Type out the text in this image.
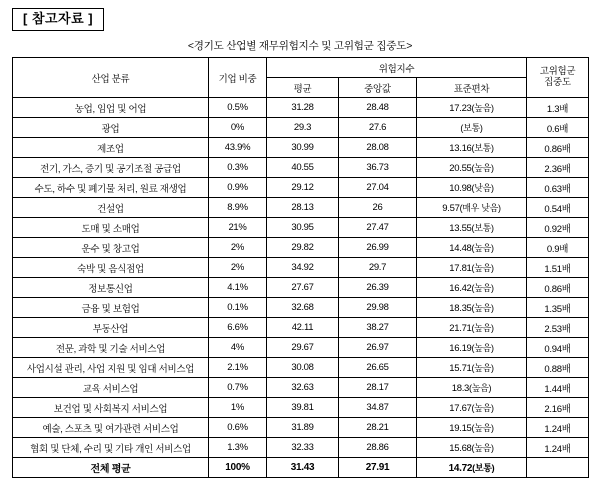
[ 참고자료 ]
<경기도 산업별 재무위험지수 및 고위험군 집중도>
산업 분류	기업 비중	위험지수			고위험군
집중도

		평균	중앙값	표준편차	
농업, 임업 및 어업	0.5%	31.28	28.48	17.23(높음)	1.3배
광업	0%	29.3	27.6	(보통)	0.6배
제조업	43.9%	30.99	28.08	13.16(보통)	0.86배
전기, 가스, 증기 및 공기조절 공급업	0.3%	40.55	36.73	20.55(높음)	2.36배
수도, 하수 및 폐기물 처리, 원료 재생업	0.9%	29.12	27.04	10.98(낮음)	0.63배
건설업	8.9%	28.13	26	9.57(매우 낮음)	0.54배
도매 및 소매업	21%	30.95	27.47	13.55(보통)	0.92배
운수 및 창고업	2%	29.82	26.99	14.48(높음)	0.9배
숙박 및 음식점업	2%	34.92	29.7	17.81(높음)	1.51배
정보통신업	4.1%	27.67	26.39	16.42(높음)	0.86배
금융 및 보험업	0.1%	32.68	29.98	18.35(높음)	1.35배
부동산업	6.6%	42.11	38.27	21.71(높음)	2.53배
전문, 과학 및 기술 서비스업	4%	29.67	26.97	16.19(높음)	0.94배
사업시설 관리, 사업 지원 및 임대 서비스업	2.1%	30.08	26.65	15.71(높음)	0.88배
교육 서비스업	0.7%	32.63	28.17	18.3(높음)	1.44배
보건업 및 사회복지 서비스업	1%	39.81	34.87	17.67(높음)	2.16배
예술, 스포츠 및 여가관련 서비스업	0.6%	31.89	28.21	19.15(높음)	1.24배
협회 및 단체, 수리 및 기타 개인 서비스업	1.3%	32.33	28.86	15.68(높음)	1.24배
전체 평균	100%	31.43	27.91	14.72(보통)	
